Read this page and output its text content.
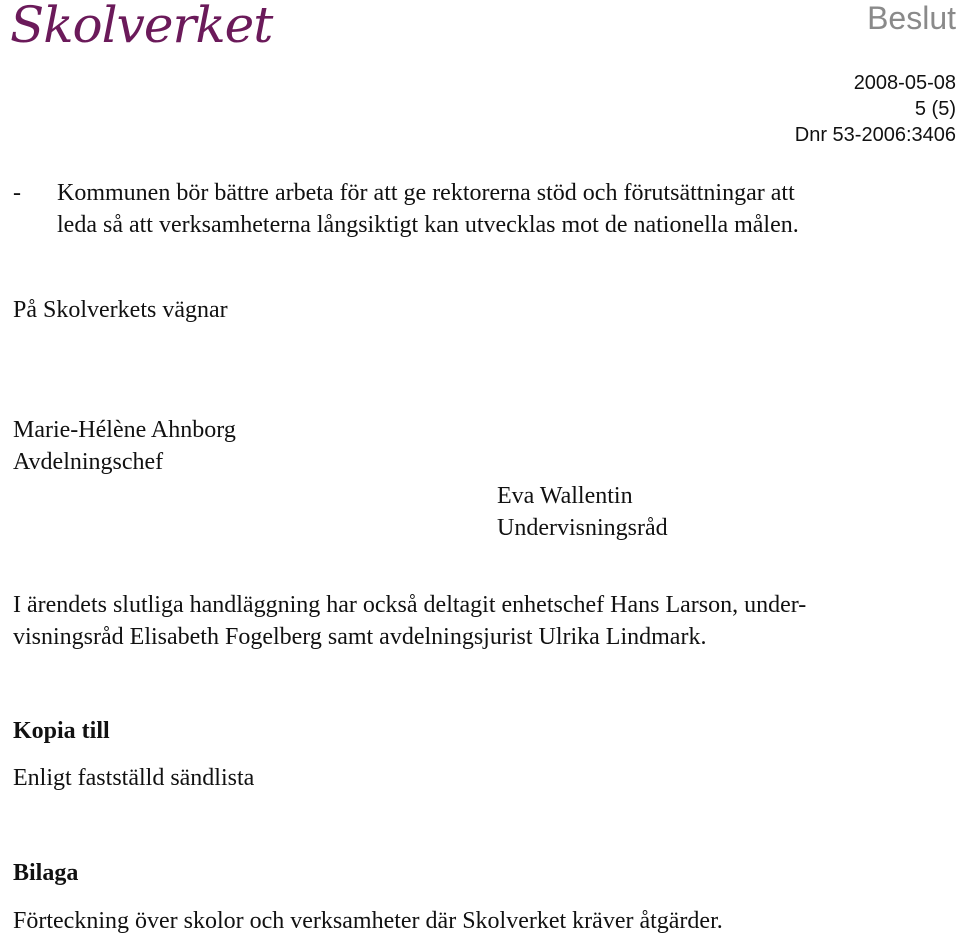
Skolverket	Beslut
2008-05-08
5 (5)
Dnr 53-2006:3406
- Kommunen bör bättre arbeta för att ge rektorerna stöd och förutsättningar att
leda så att verksamheterna långsiktigt kan utvecklas mot de nationella målen.
På Skolverkets vägnar
Marie-Hélène Ahnborg
Avdelningschef
Eva Wallentin
Undervisningsråd
I ärendets slutliga handläggning har också deltagit enhetschef Hans Larson, under-
visningsråd Elisabeth Fogelberg samt avdelningsjurist Ulrika Lindmark.
Kopia till
Enligt fastställd sändlista
Bilaga
Förteckning över skolor och verksamheter där Skolverket kräver åtgärder.
